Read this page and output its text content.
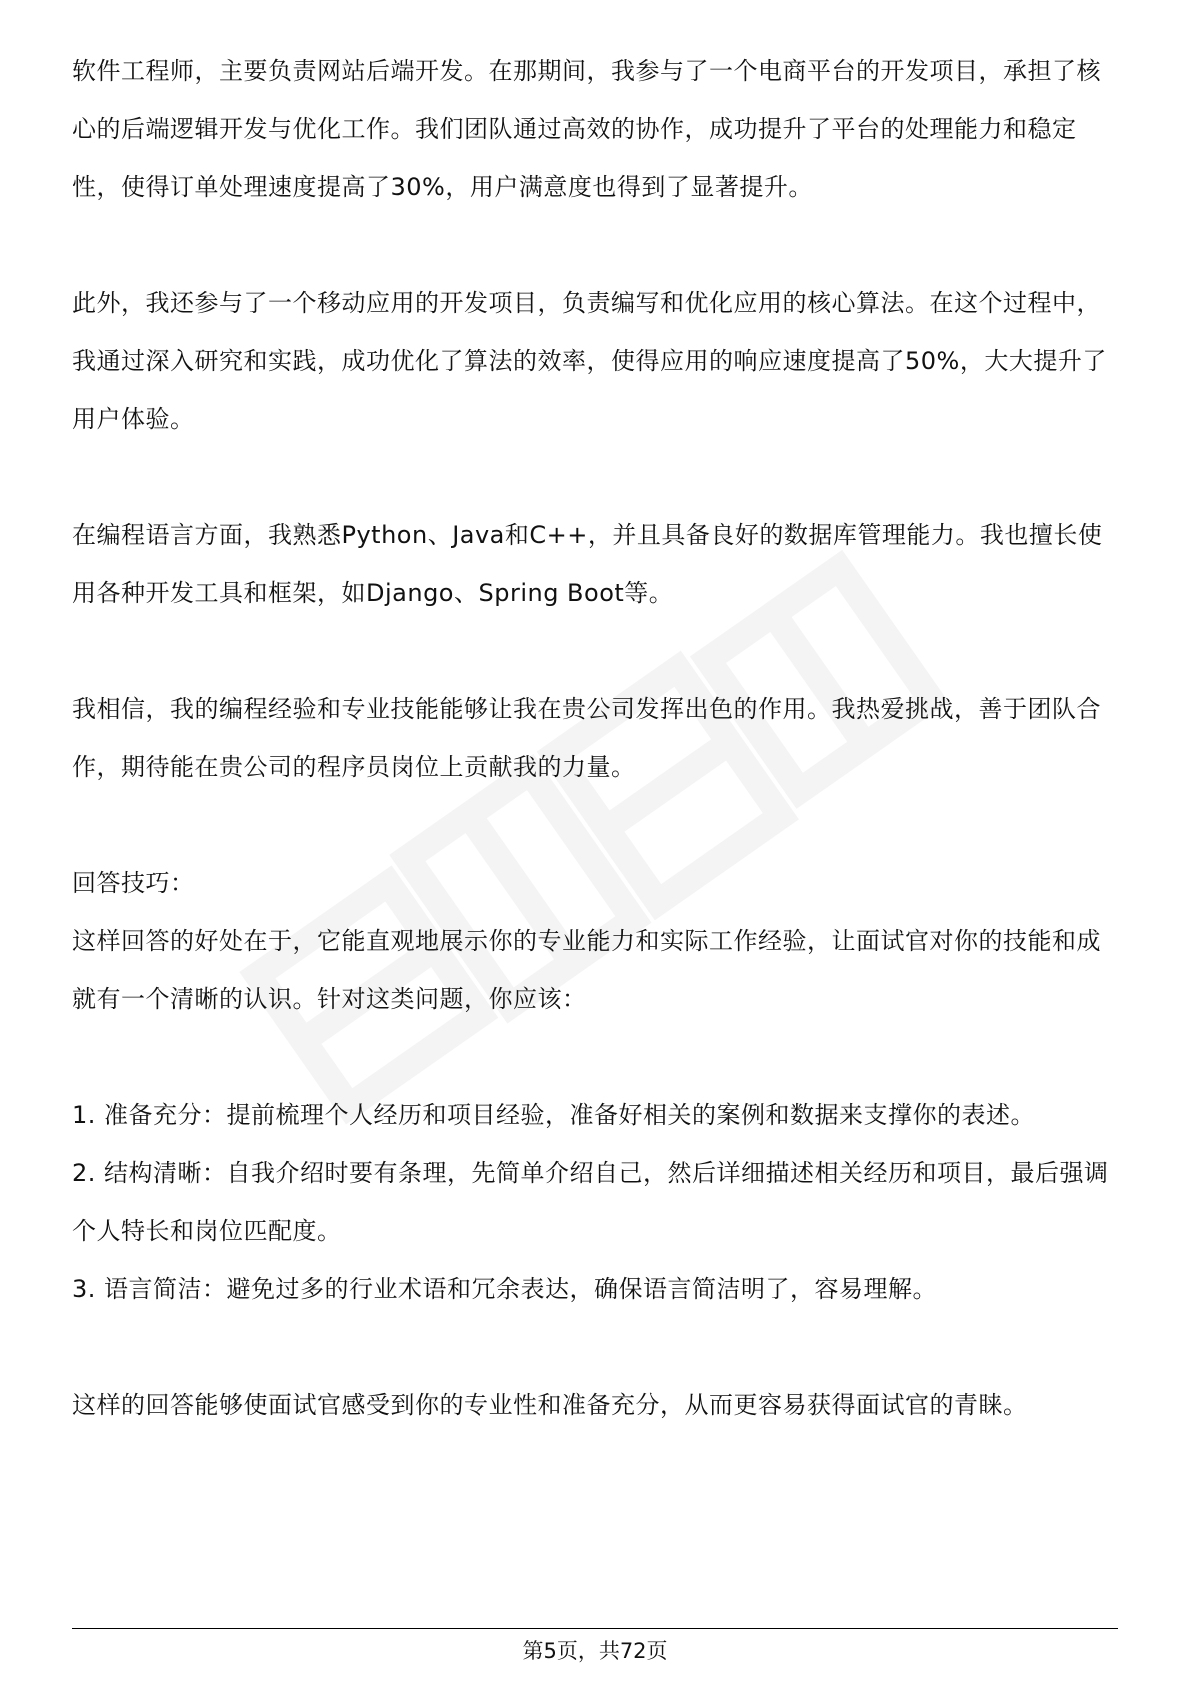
软件工程师，主要负责网站后端开发。在那期间，我参与了一个电商平台的开发项目，承担了核心的后端逻辑开发与优化工作。我们团队通过高效的协作，成功提升了平台的处理能力和稳定性，使得订单处理速度提高了30%，用户满意度也得到了显著提升。

此外，我还参与了一个移动应用的开发项目，负责编写和优化应用的核心算法。在这个过程中，我通过深入研究和实践，成功优化了算法的效率，使得应用的响应速度提高了50%，大大提升了用户体验。

在编程语言方面，我熟悉Python、Java和C++，并且具备良好的数据库管理能力。我也擅长使用各种开发工具和框架，如Django、Spring Boot等。

我相信，我的编程经验和专业技能能够让我在贵公司发挥出色的作用。我热爱挑战，善于团队合作，期待能在贵公司的程序员岗位上贡献我的力量。

回答技巧：

这样回答的好处在于，它能直观地展示你的专业能力和实际工作经验，让面试官对你的技能和成就有一个清晰的认识。针对这类问题，你应该：

1. 准备充分：提前梳理个人经历和项目经验，准备好相关的案例和数据来支撑你的表述。

2. 结构清晰：自我介绍时要有条理，先简单介绍自己，然后详细描述相关经历和项目，最后强调个人特长和岗位匹配度。

3. 语言简洁：避免过多的行业术语和冗余表达，确保语言简洁明了，容易理解。

这样的回答能够使面试官感受到你的专业性和准备充分，从而更容易获得面试官的青睐。

第5页，共72页
